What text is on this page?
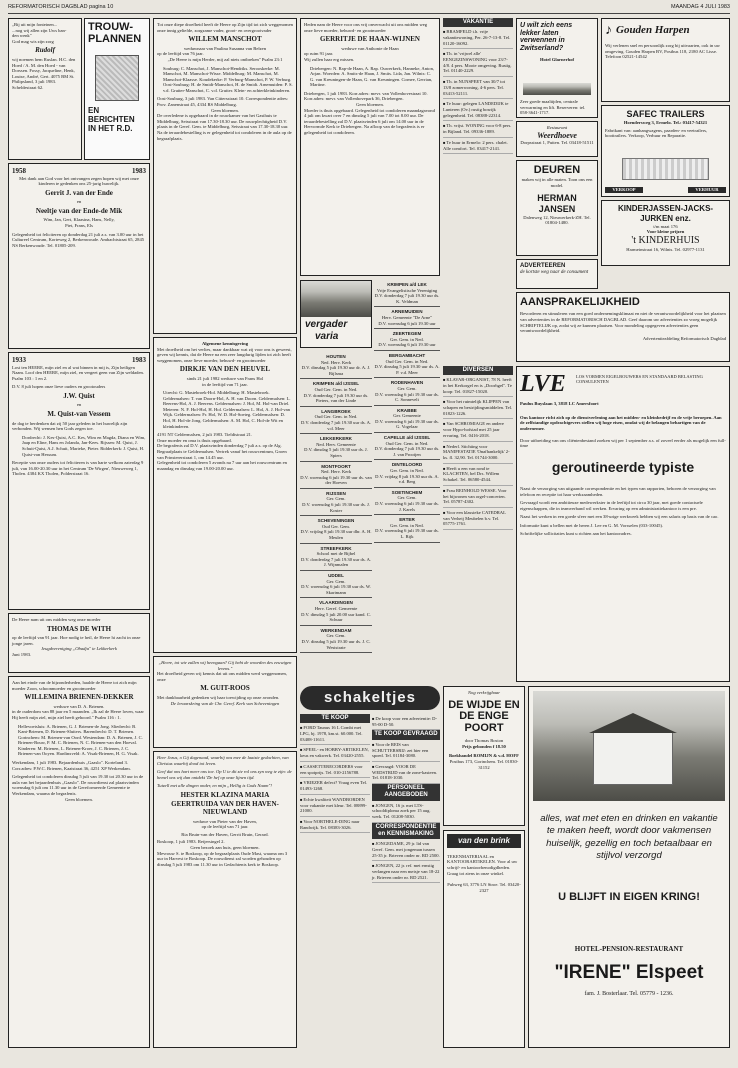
REFORMATORISCH DAGBLAD pagina 10	MAANDAG 4 JULI 1983
„Bij uit mijn fonteinen...
...nog wij allen zijn Uws ban-
den wenk"
God mag wis zijn zorg
Rudolf
wij noemen hem Ruslan. H.C. den Hoed / A. M. den Hoed - van Dorssen. Fossy, Jacqueline, Henk, Louise, André, Gert. 4075 BM St. Philipsland, 3 juli 1983. Scheldestraat 62.
TROUW-
PLANNEN
EN
BERICHTEN
IN HET R.D.
1958	1983
Met dank aan God voor het ontvangen zegen hopen wij met onze kinderen te gedenken ons 25-jarig huwelijk.
Gerrit J. van der Ende
en
Neeltje van der Ende-de Mik
Wim, Jan, Gert, Klaasina, Hans, Nelly, Piet, Frans, Els
Gelegenheid tot feliciteren op donderdag 21 juli a.s. van 3.00 uur in het Cultureel Centrum, Korteweg 2, Berkenwoude. Ambachtstraat 65, 2845 NS Berkenwoude. Tel. 01805-209.
1933	1983
Lost ten HEERE, mijn ziel en al wat binnen in mij is, Zijn heiligen Naam. Loof den HEERE, mijn ziel, en vergeet geen van Zijn weldaden. Psalm 103 : 1 en 2.
D.V. 8 juli hopen onze lieve ouders en grootouders
J.W. Quist
en
M. Quist-van Vessem
de dag te herdenken dat zij 50 jaar geleden in het huwelijk zijn verbonden. Wij wensen hen Gods zegen toe.
Dordrecht: J. Kes-Quist, A.C. Kes, Wim en Magda, Diana en Wim, Jaap en Eline, Hans en Jolanda, Jan-Kees. Rijssen: M. Quist, J. Schuit-Quist, A.J. Schuit, Marieke, Pieter. Ridderkerk: J. Quist, H. Quist-van Hessum.
Receptie van onze ouders tot feliciteren is van harte welkom zaterdag 9 juli, van 16.00-20.30 uur in het Centrum 'De Wirgen', Nieuweweg 1, Tholen. 4384 KX Tholen, Polderstraat 16.
De Heere nam uit ons midden weg onze moeder
THOMAS DE WITH
op de leeftijd van 91 jaar. Hoe nodig te heil, de Heere hi zacht in onze jonge jaren.
Jeugdvereniging „Obadja" te Lekkerkerk
Juni 1983.
Aan het einde van de bijzonderheden, haalde de Heere tot zich mijn moeder Zoon, schoonmoeder en grootmoeder
WILLEMINA BRIENEN-DEKKER
weduwe van D. A. Brienen.
in de ouderdom van 88 jaar en 5 maanden. „Ik zal de Heere loven, waar Hij heeft mijn ziel, mijn ziel heeft gehoord." Psalm 116 : 1.
Hellevoetsluis: A. Brienen, G. J. Brienen-de Jong. Sliedrecht: B. Kant-Brienen, D. Brienen-Sluiters. Barendrecht: D. T. Brienen. Gorinchem: M. Brienen-van Oord. Westendam: D. A. Brienen, J. C. Brienen-Bouw, P. M. C. Brienen, N. C. Brienen-van den Hoeval. Kinderen: M. Brienen, L. Brienen-Kroer, J. C. Brienen, J. C. Brienen-van Ooyen. Hardinxveld: A. Visak-Brienen, H. G. Visak.
Werkendam, 1 juli 1983. Bejaardenhuis „Gaaslo". Korteland 3. Corr.adres: P.W.C. Brienen, Kaaistraat 36, 4251 XP Werkendam.
Gelegenheid tot condoleren dinsdag 5 juli van 19.30 tot 20.30 uur in de aula van het bejaardenhuis „Gaaslo". De rouwdienst zal plaatsvinden woensdag 6 juli om 11.30 uur in de Gereformeerde Gemeente te Werkendam, waarna de begrafenis.
Geen bloemen.
Tot onze diepe droefheid heeft de Heere op Zijn tijd tot zich weggenomen onze innig geliefde, zorgzame vader, groot- en overgrootvader
WILLEM MANSCHOT
weduwnaar van Paulina Susanna van Belzen
op de leeftijd van 76 jaar.
„De Heere is mijn Herder, mij zal niets ontbreken" Psalm 23:1
Souburg: C. Manschot, J. Manschot-Hendriks. Serooskerke: M. Manschot, M. Manschot-Wisse. Middelburg: M. Manschot, M. Manschot-Klaasse. Koudekerke: P. Verburg-Manschot, P. W. Verburg. Oost-Souburg: H. de Smidt-Manschot, H. de Smidt. Arnemuiden: P. S. v.d. Gruiter-Manschot, C. v.d. Gruiter. Klein- en achterkleinkinderen.
Oost-Souburg, 3 juli 1983. Van Cittersstraat 10. Correspondentie adres: Prov. Zanenstraat 45, 4334 RS Middelburg.
Geen bloemen.
De overledene is opgebaard in de rouwkamer van het Gasthuis te Middelburg, Seisstraat van 17.30-18.30 uur. De rouwplechtigheid D.V. plaats in de Geref. Gem. te Middelburg, Seisstraat van 17.30-18.30 uur.
Na de teraardebestelling is er gelegenheid tot condoleren in de aula op de begraafplaats.
Algemene kennisgeving
Met droefheid om het verlies, maar dankbaar wat zij voor ons is geweest, geven wij kennis, dat de Heere na een zeer langdurig lijden tot zich heeft weggenomen, onze lieve moeder, behuwd- en grootmoeder
DIRKJE VAN DEN HEUVEL
sinds 21 juli 1982 weduwe van Frans Hol
in de leeftijd van 71 jaar.
Utrecht: G. Mastebroek-Hol. Middelburg: H. Mastebroek. Geldermalsen: T. van Doorn-Hol, A. H. van Doorn. Geldermalsen: L. Beerens-Hol, A. J. Beerens. Geldermalsen: J. Hol, M. Hol-van Driel. Meteren: N. F. Hol-Hol, H. Hol. Geldermalsen: L. Hol, A. J. Hol-van Wijk. Geldermalsen: Fr. Hol, W. D. Hol-Soeteg. Geldermalsen: D. Hol, H. Hol-de Jong. Geldermalsen: A. M. Hol, C. Hol-de Wit en kleinkinderen.
4191 NT Geldermalsen, 2 juli 1983. Tieldistraat 21.
Onze moeder en oma is thuis opgebaard.
De begrafenis zal D.V. plaatsvinden donderdag 7 juli a.s. op de Alg. Begraafplaats te Geldermalsen. Vertrek vanaf het rouwcentrum, Groen van Prinstererstraat 1, om 14.45 uur.
Gelegenheid tot condoleren 5 avonds na 7 uur aan het rouwcentrum en maandag en dinsdag van 19.00-20.00 uur.
„Heere, tot wie zullen wij heengaan? Gij hebt de woorden des eeuwigen levens."
Het droefheid geven wij kennis dat uit ons midden werd weggenomen, onze
M. GUIT-ROOS
Met dankbaarheid gedenken wij haar toewijding op onze avonden.
De leraarskring van de Chr. Geref. Kerk van Scheveningen
Heer Jezus, o Gij dagenaad, waarbij ons mee de laatste gedachten, van Christus waarbij dood tot leven.
Geef dat ons hart meer ons toe. Op U te dit zie rol ons zyn weg te zijn: de hemel ons wij dan ontdekt 'De hef op onze lijnen tijd.
Tutzell met alle dingen onder, en mijn „Hellig is Gods Naam"!
HESTER KLAZINA MARIA GEERTRUIDA VAN DER HAVEN-NIEUWLAND
weduwe van Pieter van der Haven,
op de leeftijd van 71 jaar.
Ria Bruin-van der Haven, Gerrit Bruin, Gerard.
Boskoop, 1 juli 1983. Reijersingel 2.
Geen bezoek aan huis, geen bloemen.
Mevrouw S. te Boskoop, op de begraafplaats Oude Mast, waarna om 3 uur in Harvest te Boskoop. De rouwdienst zal worden gehouden op dinsdag 5 juli 1983 om 11.30 uur in Gedachtenis kerk te Boskoop.
Heden nam de Heere voor ons vrij onverwacht uit ons midden weg onze lieve moeder, behuwd- en grootmoeder
GERRITJE DE HAAN-WIJNEN
weduwe van Anthonie de Haan
op ruim 91 jaar.
Wij zullen haar erg missen.
Driebergen: N. Rap-de Haan, A. Rap. Ouwerkerk, Hanneke, Anton, Arjan. Woerden: A. Smits-de Haan, J. Smits. Lida, Jan. Wilnis: C. G. van Kreuningen-de Haan, G. van Kreuningen. Cornee, Gerrian, Martine.
Driebergen, 1 juli 1983. Korr.adres: mevr. van Vollenhovestraat 10. Korr.adres: mevr. van Vollenhovepark 36, Driebergen.
Geen bloemen.
Moeder is thuis opgebaard. Gelegenheid tot condoleren maandagavond 4 juli om kwart over 7 en dinsdag 5 juli van 7.00 tot 8.00 uur. De teraardebestelling zal D.V. plaatsvinden 6 juli om 14.00 uur in de Hervormde Kerk te Driebergen. Na afloop van de begrafenis is er gelegenheid tot condoleren.
vergader
varia
HOUTEN
Ned. Herv. Kerk
D.V. dinsdag 5 juli 19.30 uur dr. A. J. Bijlsma
KRIMPEN a/d IJSSEL
Oud Ger. Gem. in Ned.
D.V. donderdag 7 juli 19.30 uur ds. Pieters, van der Linde
LANGBROEK
Oud Ger. Gem. in Ned.
D.V. donderdag 7 juli 19.30 uur ds. A. v.d. Meer
LEKKERKERK
Ned. Herv. Gemeente
D.V. dinsdag 5 juli 19.30 uur ds. J. Spiers
MONTFOORT
Ned. Herv. Kerk
D.V. woensdag 6 juli 19.30 uur ds. van der Hoeven
RIJSSEN
Ger. Gem.
D.V. woensdag 6 juli 19.30 uur ds. J. Koster
SCHEVENINGEN
Oud Ger. Gem.
D.V. vrijdag 8 juli 19.30 uur dhr. A. H. Meulen
STREEFKERK
School met de Bijbel
D.V. donderdag 7 juli 19.30 uur ds. A. J. Wijnmalen
UDDEL
Ger. Gem.
D.V. woensdag 6 juli 19.30 uur ds. W. Skarimann
VLAARDINGEN
Herv. Geref. Gemeente
D.V. dinsdag 5 juli 20.00 uur kand. C. Schuur
WERKENDAM
Ger. Gem.
D.V. dinsdag 5 juli 19.30 uur ds. J. C. Weststrate
KRIMPEN a/d LEK
Vrije Evangelistische Vereniging
D.V. donderdag 7 juli 19.30 uur ds. K. Veldman
ARNEMUIDEN
Herv. Gemeente "De Arne"
D.V. woensdag 6 juli 19.30 uur
ZEERTEGEM
Ger. Gem. in Ned.
D.V. woensdag 6 juli 19.30 uur
BERGAMBACHT
Oud Ger. Gem. in Ned.
D.V. dinsdag 5 juli 19.30 uur ds. A. P. v.d. Meer
RODENHAVEN
Ger. Gem.
D.V. woensdag 6 juli 19.30 uur ds. C. Sonnevelt
KRABBE
Ger. Gemeente
D.V. woensdag 6 juli 19.30 uur ds. G. Vogelaar
CAPELLE a/d IJSSEL
Oud Ger. Gem. in Ned.
D.V. donderdag 7 juli 19.30 uur ds. J. van Prooijen
DINTELOORD
Ger. Gem. in Ned.
D.V. vrijdag 8 juli 19.30 uur ds. A. v.d. Berg
SOETINCHEM
Ger. Gem.
D.V. woensdag 6 juli 19.30 uur ds. J. Karels
ERTER
Ger. Gem. in Ned.
D.V. woensdag 6 juli 19.30 uur ds. L. Rijk
schakeltjes
TE KOOP
■ FORD Taunus 16 L Combi met LPG, bj. 1978, km.st. 60.000. Tel. 03408-11611.
■ SPEEL- en HOBBY-ARTIKELEN, keus en vakwerk. Tel. 03420-2555.
■ CASSETTERECORDERS voor een spotprijs. Tel. 010-2156788.
■ VRIEZER defect? Vraag even Tel. 01493-1268.
■ Echte kwaliteit WANDBORDEN voor vakantie met kleur. Tel. 08899-21000.
■ Voor NORTHELE-DING naar Randwijk. Tel. 08383-3026.
■ De koop voor een advertentie: D-95-00 D-50.
TE KOOP GEVRAAGD
■ Voor de REIS van SCHUTTERSRIJ: zet hier een spoed. Tel. 01184-3080.
■ Gevraagd: VOOR DE WEDSTRIJD van de zone-kasteen. Tel. 01818-1030.
PERSONEEL AANGEBODEN
■ JONGEN, 16 jr. met LTS-schooldiploma zoek per 15 aug. werk. Tel. 01208-5030.
CORRESPONDENTIE en KENNISMAKING
■ JONGEDAME, 29 jr. lid van Geref. Gem. met jongeman tussen 25-35 jr. Brieven onder nr. RD 2500.
■ JONGEN, 22 jr. ref. met ernstig verlangen naar een meisje van 18-22 jr. Brieven onder nr. RD 2521.
VAKANTIE
■ BRAMFELD t.h. vrije vakantiewoning, Per. 26-7-13-8. Tel. 01120-16092.
■ Th. in 'vrijwel alle' EENGEZINSWONING voor 23/7-4/8. 4 pers. Mooie omgeving. Rustig. Tel. 01140-2229.
■ Th. in NUNSPEET van 30/7 tot 13/8 zomerwoning, 4-6 pers. Tel. 03413-52111.
■ Te huur: gelegen LANDEDIJK te Lunteren (Ov.) rustig bosrijk gelegenheid. Tel. 08388-22314.
■ Th. vrijst. WONING voor 6-8 pers. in Bijland. Tel. 09336-1889.
■ Te huur in Ermelo: 2 pers. chalet. Alle comfort. Tel. 03417-2141.
DIVERSEN
■ KLAVAR-ORGANIST, 78 N. heeft in het Kerkorgel en is „Doorhgel". Te koop: Tel. 01827-15020.
■ Voor het ruimtelijk KLIPPEN van schapen en bestrijdingsmiddelen. Tel. 01823-1226.
■ Van SCHROMIAGE en andere voor Hypo-hofstad met 25 jaar ervaring. Tel. 0416-2018.
■ Nederl. Stichting voor MANIFESTATIE 'Onafhankelijk' 2-ks. fl. 32,90. Tel. 01744-3000.
■ Heeft u een van rond te KLACHTEN, bel Drs. Willem Schakel. Tel. 06580-4544.
■ Frau REINHOLD WESSE. Voor het bijwonen van orgel-concerten. Tel. 05787-4302.
■ Voor een klassieke CATEDRAL van Verheij Meubelen b.v. Tel. 05775-1761.
U wilt zich eens lekker laten verwennen in Zwitserland?
Hotel Glarnerhof
Zeer goede maaltijden, centrale verwarming en lift. Reserveren: tel. 058-3641-1717.
Restaurant
Weerdhoeve
Dorpsstraat 1, Putten. Tel. 03418-51511
DEUREN
maken wij in alle maten. Toon ons een model.
HERMAN JANSEN
Dalenweg 12, Nieuwerkerk-ZH. Tel. 01804-1480.
ADVERTEEREN
de kortste weg naar de consument
♪ Gouden Harpen
Wij verlenen snel en persoonlijk zorg bij uitvaarten, ook in uw omgeving. Gouden Harpen BV, Postbus 118, 2180 AC Lisse. Telefoon 02521-14542
SAFEC TRAILERS
Hoendersweg 3, Ermelo. Tel.: 03417-54321
Fabrikant van: aanhangwagens, paarden- en veetrailers, boottrailers. Verkoop, Verhuur en Reparatie.
VERKOOP	VERHUUR
KINDERJASSEN-JACKS-JURKEN enz.
t/m maat 176
Voor kleine prijzen
't KINDERHUIS
Harmeinstraat 16, Wilnis. Tel. 02977-1131
AANSPRAKELIJKHEID
Bevorderen en stimuleren van een goed ondernemingsklimaat en niet de verantwoordelijkheid voor het plaatsen van advertenties in de REFORMATORISCH DAGBLAD. Geef daarom uw advertenties zo vroeg mogelijk SCHRIFTELIJK op, zodat wij ze kunnen plaatsen. Voor mondeling opgegeven advertenties geen verantwoordelijkheid.
Advertentieafdeling Reformatorisch Dagblad
LVE	LOS VORMEN EIGELBOUWERS EN STANDAARD BELASTING CONSULENTEN
Paulus Buyslaan 3, 3818 LC Amersfoort
Ons kantoor richt zich op de dienstverlening aan het midden- en kleinbedrijf en de vrije beroepen. Aan de zelfstandige opdrachtgevers stellen wij hoge eisen, omdat wij de belangen behartigen van de ondernemer.
Door uitbreiding van ons cliëntenbestand zoeken wij per 1 september a.s. of zoveel eerder als mogelijk een full-time
geroutineerde typiste
Naast de verzorging van uitgaande correspondentie en het typen van rapporten, behoren de verzorging van telefoon en receptie tot haar werkzaamheden.
Gevraagd wordt een ambitieuze medewerkster in de leeftijd tot circa 30 jaar, met goede contactuele eigenschappen, die in teamverband wil werken. Ervaring op een administratiekantoor is een pre.
Naast het werken in een goede sfeer met een 38-urige werkweek hebben wij een salaris op basis van de cao.
Informatie kunt u bellen met de heren J. Lee en G. M. Vorsselen (033-10045).
Schriftelijke sollicitaties kunt u richten aan het kantooradres.
Nog verkrijgbaar
DE WIJDE EN DE ENGE POORT
door Thomas Boston
Prijs gebonden f 18.50
Boekhandel ROMIJN & v.d. HOFF
Postbus 173, Gorinchem. Tel. 01830-31152
van den brink
TEKENMATERIAAL en KANTOORARTIKELEN. Voor al uw schrijf- en kantoorbenodigdheden. Graag tot ziens in onze winkel.
Pubweg 63, 3776 LN Stroe. Tel. 03420-2327
alles, wat met eten en drinken en vakantie te maken heeft, wordt door vakmensen huiselijk, gezellig en toch betaalbaar en stijlvol verzorgd
U BLIJFT IN EIGEN KRING!
HOTEL-PENSION-RESTAURANT
"IRENE" Elspeet
fam. J. Bosterlaar. Tel. 05779 - 1236.
